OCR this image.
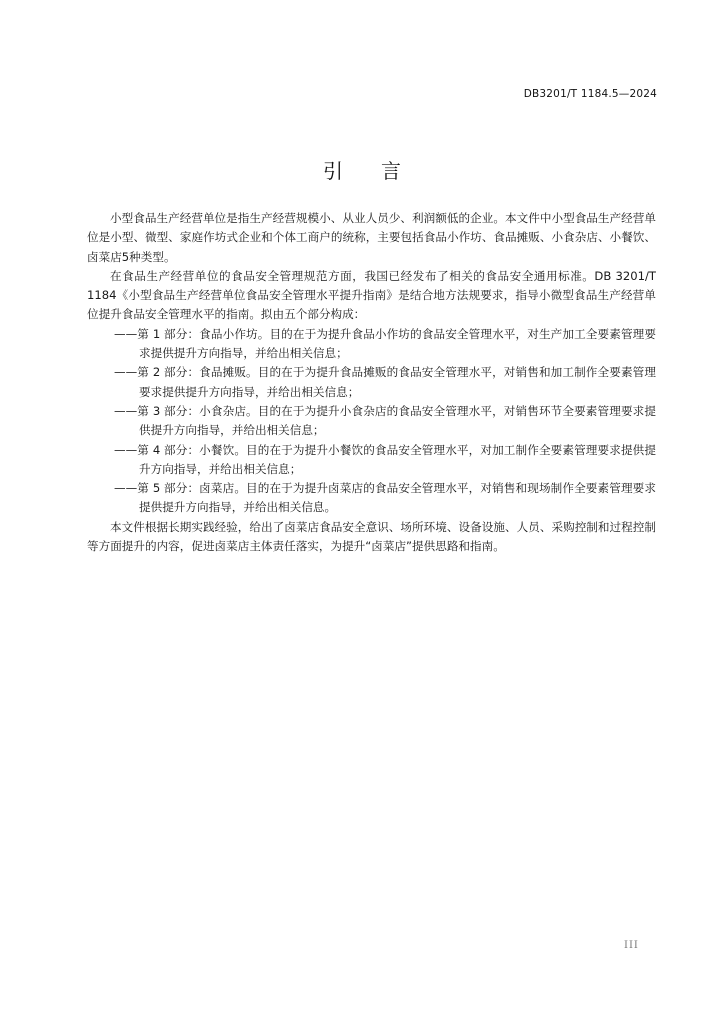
DB3201/T 1184.5—2024
引言

小型食品生产经营单位是指生产经营规模小、从业人员少、利润额低的企业。本文件中小型食品生产经营单位是小型、微型、家庭作坊式企业和个体工商户的统称，主要包括食品小作坊、食品摊贩、小食杂店、小餐饮、卤菜店5种类型。

在食品生产经营单位的食品安全管理规范方面，我国已经发布了相关的食品安全通用标准。DB 3201/T 1184《小型食品生产经营单位食品安全管理水平提升指南》是结合地方法规要求，指导小微型食品生产经营单位提升食品安全管理水平的指南。拟由五个部分构成：

——第 1 部分：食品小作坊。目的在于为提升食品小作坊的食品安全管理水平，对生产加工全要素管理要求提供提升方向指导，并给出相关信息；

——第 2 部分：食品摊贩。目的在于为提升食品摊贩的食品安全管理水平，对销售和加工制作全要素管理要求提供提升方向指导，并给出相关信息；

——第 3 部分：小食杂店。目的在于为提升小食杂店的食品安全管理水平，对销售环节全要素管理要求提供提升方向指导，并给出相关信息；

——第 4 部分：小餐饮。目的在于为提升小餐饮的食品安全管理水平，对加工制作全要素管理要求提供提升方向指导，并给出相关信息；

——第 5 部分：卤菜店。目的在于为提升卤菜店的食品安全管理水平，对销售和现场制作全要素管理要求提供提升方向指导，并给出相关信息。

本文件根据长期实践经验，给出了卤菜店食品安全意识、场所环境、设备设施、人员、采购控制和过程控制等方面提升的内容，促进卤菜店主体责任落实，为提升“卤菜店”提供思路和指南。

III
